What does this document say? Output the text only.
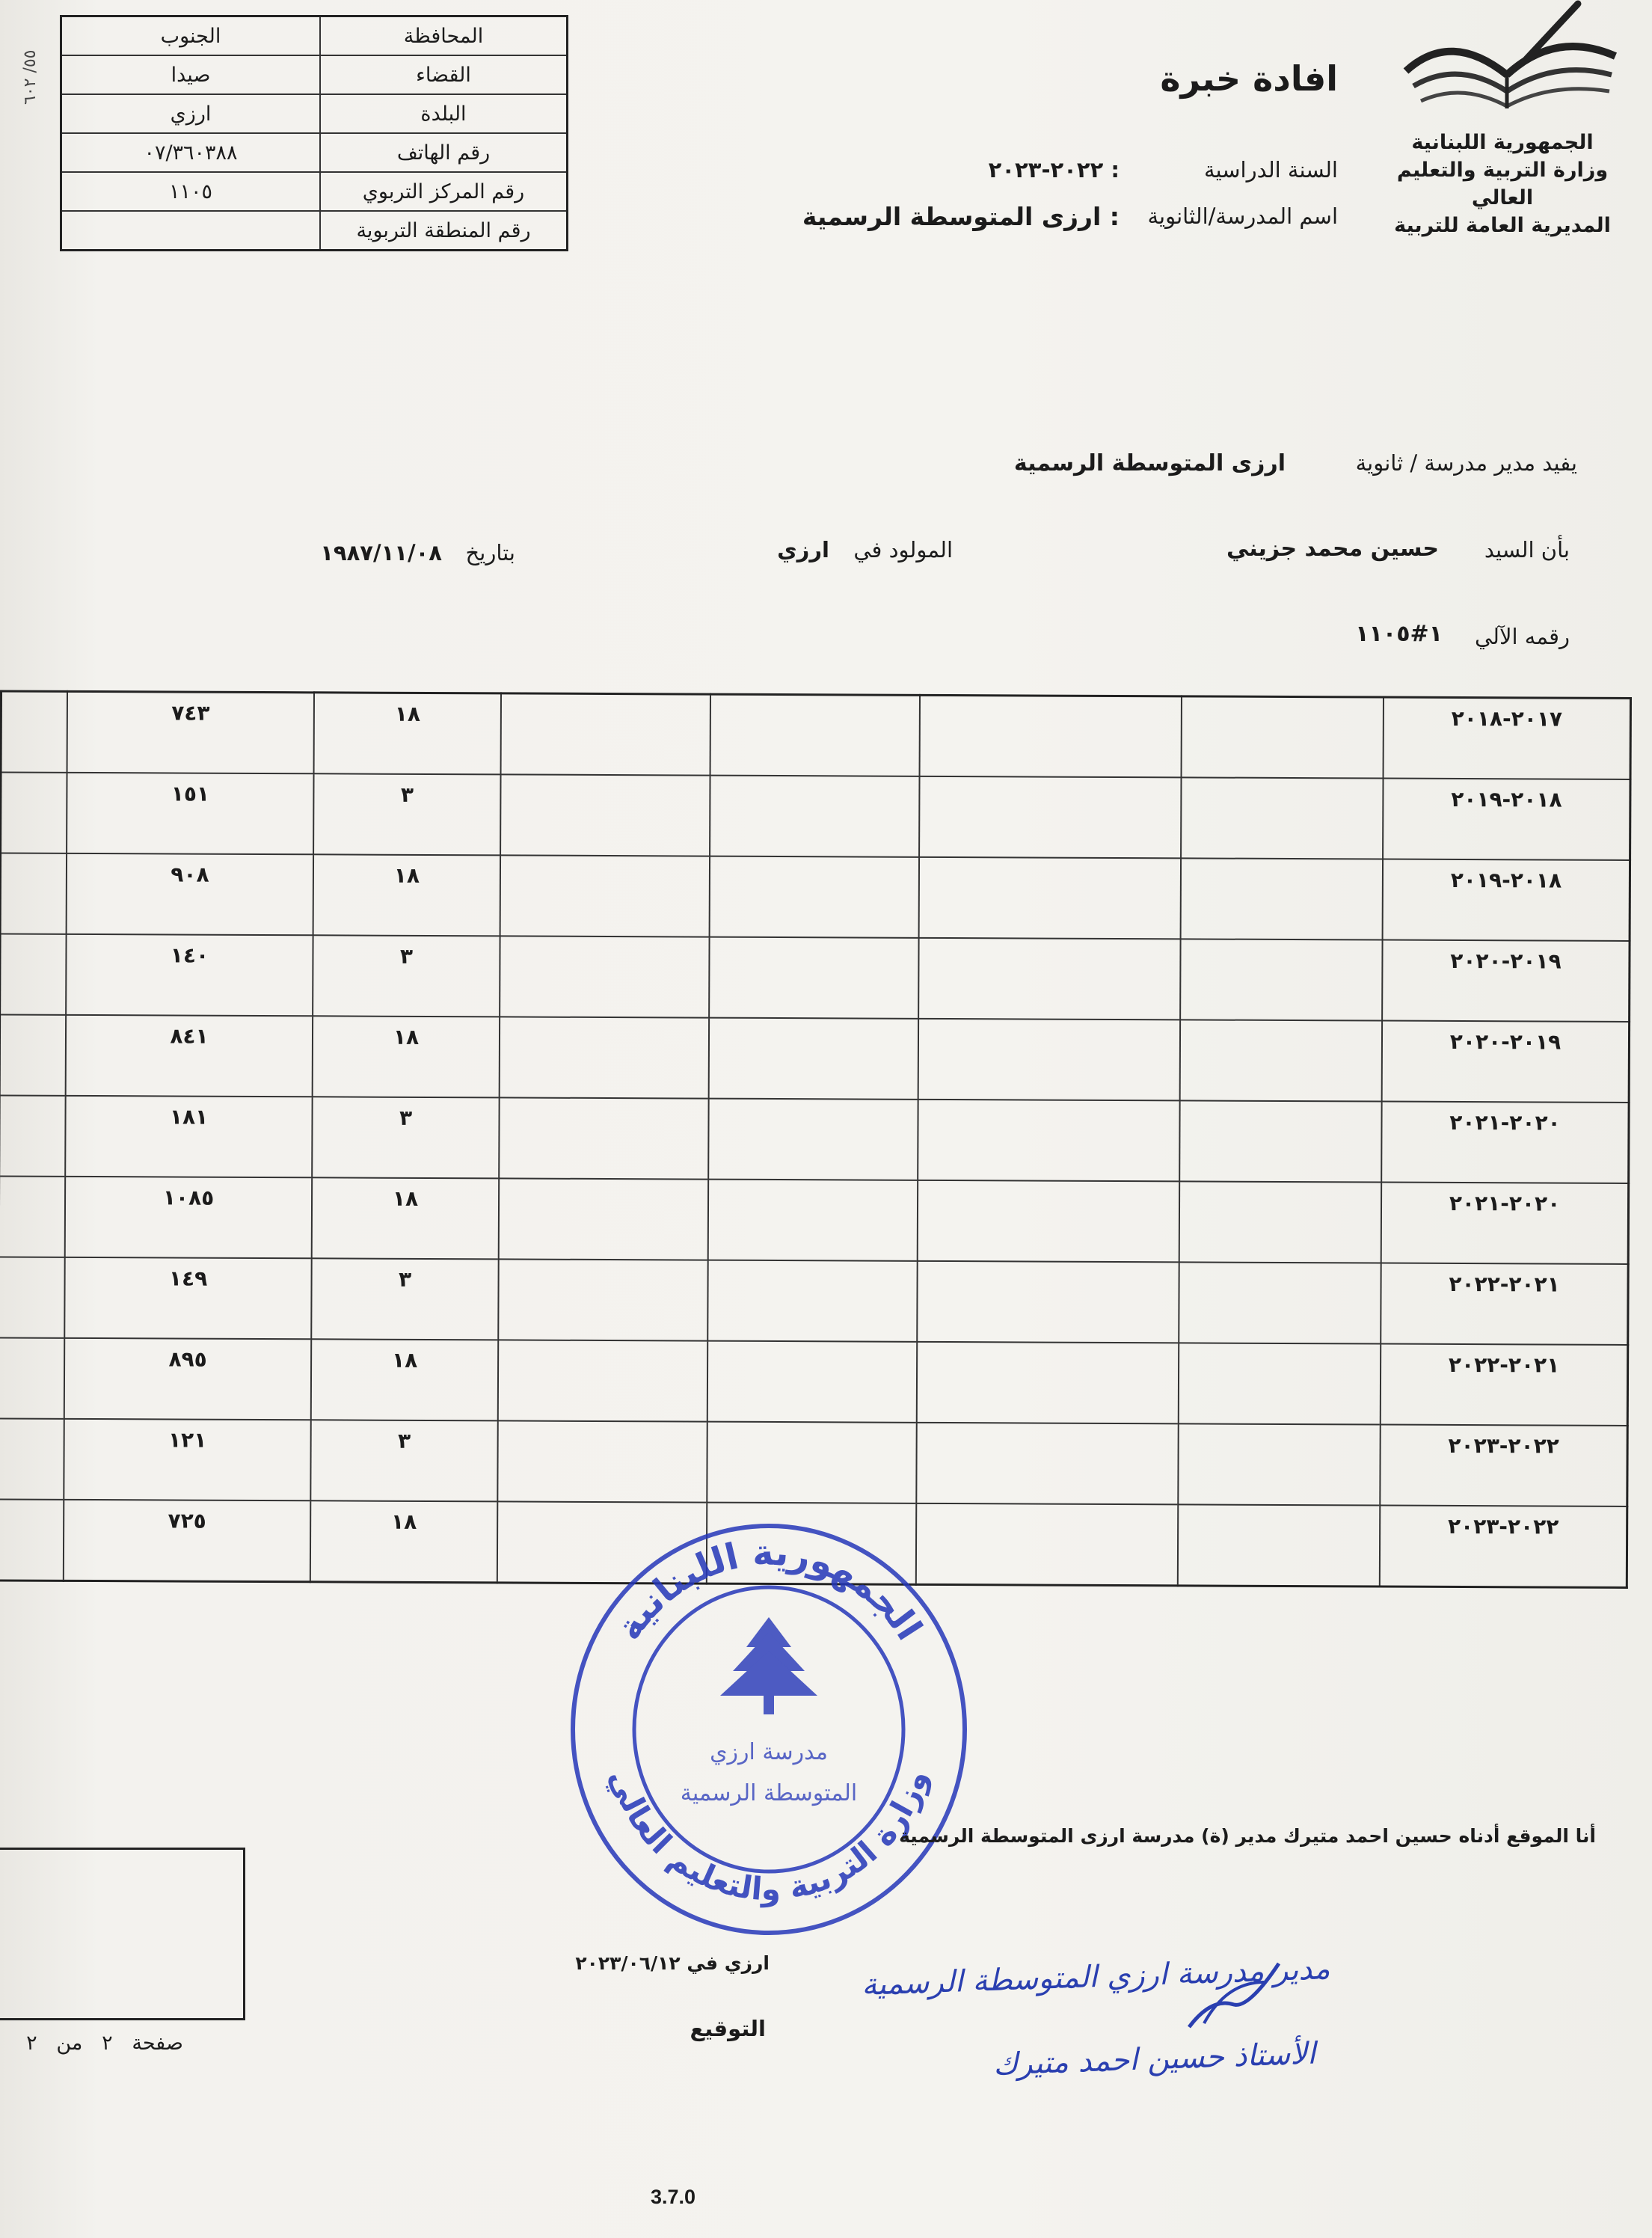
الجمهورية اللبنانية
وزارة التربية والتعليم العالي
المديرية العامة للتربية
افادة خبرة
السنة الدراسية
: ٢٠٢٢-٢٠٢٣
اسم المدرسة/الثانوية
: ارزى المتوسطة الرسمية
٥٥/ ٦٠٢
المحافظة	الجنوب
القضاء	صيدا
البلدة	ارزي
رقم الهاتف	٠٧/٣٦٠٣٨٨
رقم المركز التربوي	١١٠٥
رقم المنطقة التربوية	
يفيد مدير مدرسة / ثانوية
ارزى المتوسطة الرسمية
بأن السيد
حسين محمد جزيني
المولود في
ارزي
بتاريخ
١٩٨٧/١١/٠٨
رقمه الآلي
١#١١٠٥
٢٠١٧-٢٠١٨					١٨	٧٤٣	
٢٠١٨-٢٠١٩					٣	١٥١	
٢٠١٨-٢٠١٩					١٨	٩٠٨	
٢٠١٩-٢٠٢٠					٣	١٤٠	
٢٠١٩-٢٠٢٠					١٨	٨٤١	
٢٠٢٠-٢٠٢١					٣	١٨١	
٢٠٢٠-٢٠٢١					١٨	١٠٨٥	
٢٠٢١-٢٠٢٢					٣	١٤٩	
٢٠٢١-٢٠٢٢					١٨	٨٩٥	
٢٠٢٢-٢٠٢٣					٣	١٢١	
٢٠٢٢-٢٠٢٣					١٨	٧٢٥	
الجمهورية اللبنانية
وزارة التربية والتعليم العالي
مدرسة ارزي
المتوسطة الرسمية
أنا الموقع أدناه حسين احمد متيرك مدير (ة) مدرسة ارزى المتوسطة الرسمية
ارزي في ٢٠٢٣/٠٦/١٢
التوقيع
صفحة   ٢   من   ٢
3.7.0
مدير مدرسة ارزي المتوسطة الرسمية
الأستاذ حسين احمد متيرك
